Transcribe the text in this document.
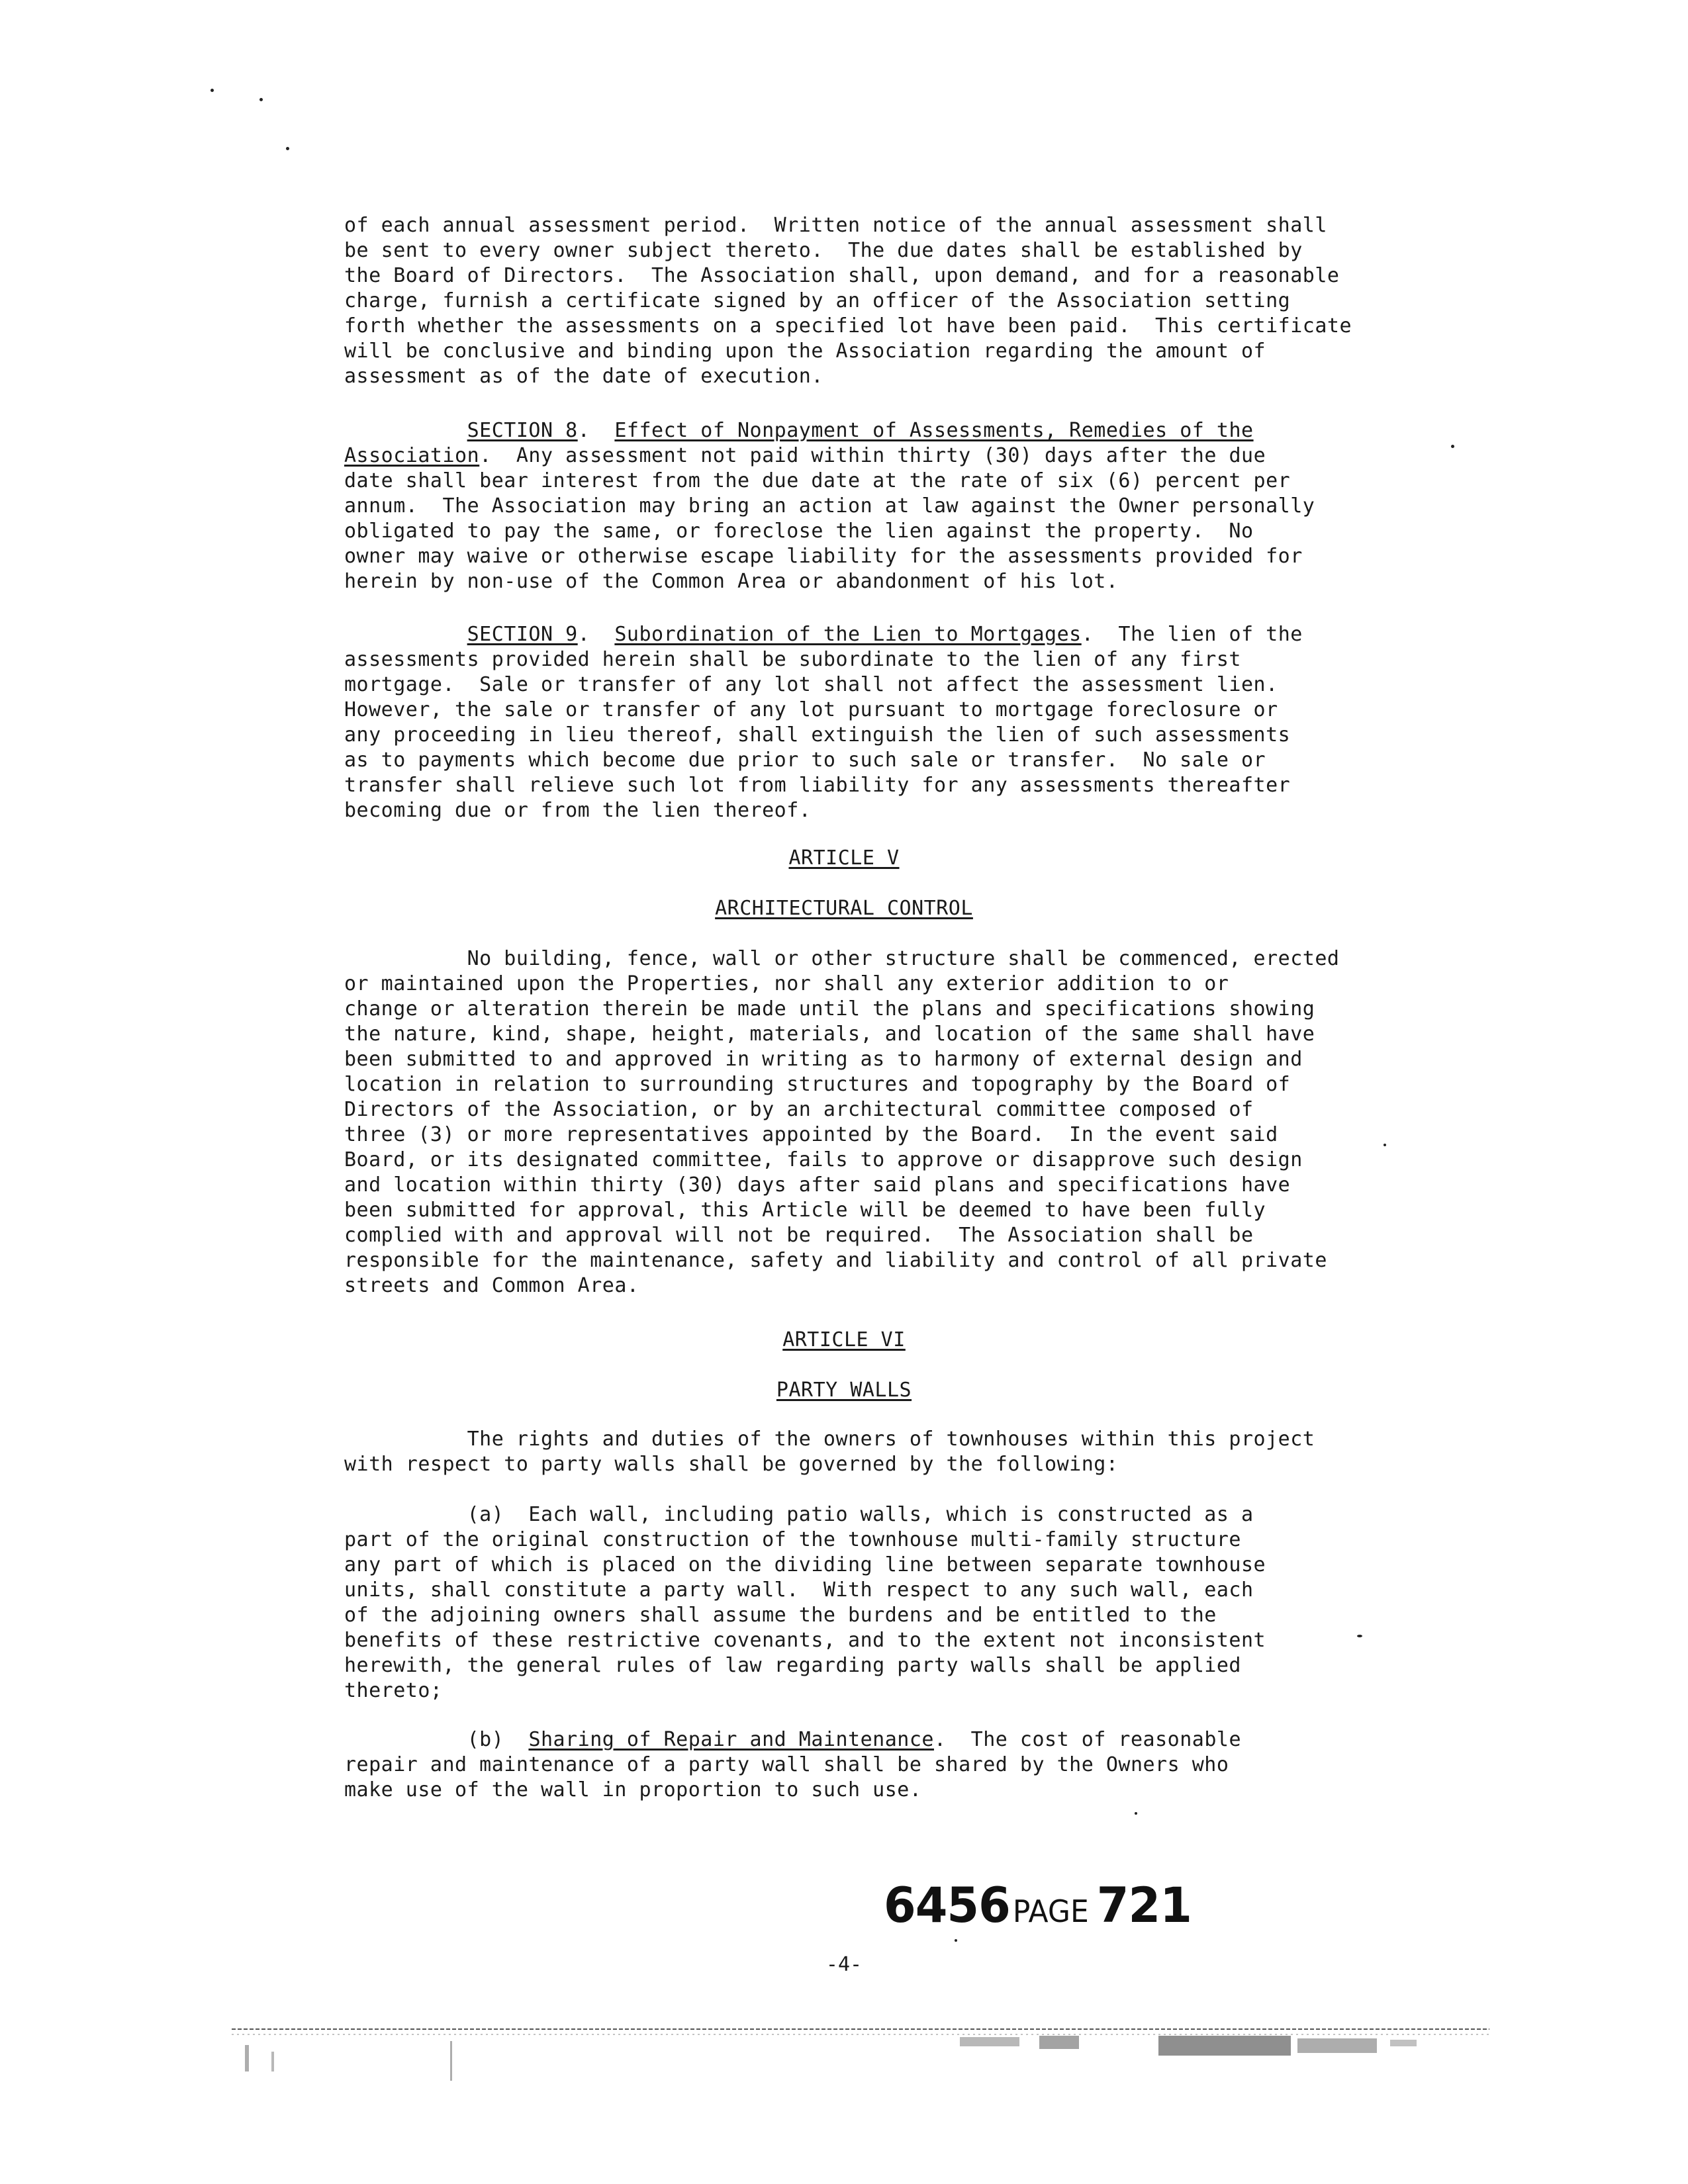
of each annual assessment period.  Written notice of the annual assessment shall
be sent to every owner subject thereto.  The due dates shall be established by
the Board of Directors.  The Association shall, upon demand, and for a reasonable
charge, furnish a certificate signed by an officer of the Association setting
forth whether the assessments on a specified lot have been paid.  This certificate
will be conclusive and binding upon the Association regarding the amount of
assessment as of the date of execution.
SECTION 8.  Effect of Nonpayment of Assessments, Remedies of the
Association.  Any assessment not paid within thirty (30) days after the due
date shall bear interest from the due date at the rate of six (6) percent per
annum.  The Association may bring an action at law against the Owner personally
obligated to pay the same, or foreclose the lien against the property.  No
owner may waive or otherwise escape liability for the assessments provided for
herein by non-use of the Common Area or abandonment of his lot.
SECTION 9.  Subordination of the Lien to Mortgages.  The lien of the
assessments provided herein shall be subordinate to the lien of any first
mortgage.  Sale or transfer of any lot shall not affect the assessment lien.
However, the sale or transfer of any lot pursuant to mortgage foreclosure or
any proceeding in lieu thereof, shall extinguish the lien of such assessments
as to payments which become due prior to such sale or transfer.  No sale or
transfer shall relieve such lot from liability for any assessments thereafter
becoming due or from the lien thereof.
ARTICLE V
ARCHITECTURAL CONTROL
No building, fence, wall or other structure shall be commenced, erected
or maintained upon the Properties, nor shall any exterior addition to or
change or alteration therein be made until the plans and specifications showing
the nature, kind, shape, height, materials, and location of the same shall have
been submitted to and approved in writing as to harmony of external design and
location in relation to surrounding structures and topography by the Board of
Directors of the Association, or by an architectural committee composed of
three (3) or more representatives appointed by the Board.  In the event said
Board, or its designated committee, fails to approve or disapprove such design
and location within thirty (30) days after said plans and specifications have
been submitted for approval, this Article will be deemed to have been fully
complied with and approval will not be required.  The Association shall be
responsible for the maintenance, safety and liability and control of all private
streets and Common Area.
ARTICLE VI
PARTY WALLS
The rights and duties of the owners of townhouses within this project
with respect to party walls shall be governed by the following:
(a)  Each wall, including patio walls, which is constructed as a
part of the original construction of the townhouse multi-family structure
any part of which is placed on the dividing line between separate townhouse
units, shall constitute a party wall.  With respect to any such wall, each
of the adjoining owners shall assume the burdens and be entitled to the
benefits of these restrictive covenants, and to the extent not inconsistent
herewith, the general rules of law regarding party walls shall be applied
thereto;
(b)  Sharing of Repair and Maintenance.  The cost of reasonable
repair and maintenance of a party wall shall be shared by the Owners who
make use of the wall in proportion to such use.
6456PAGE 721
-4-
